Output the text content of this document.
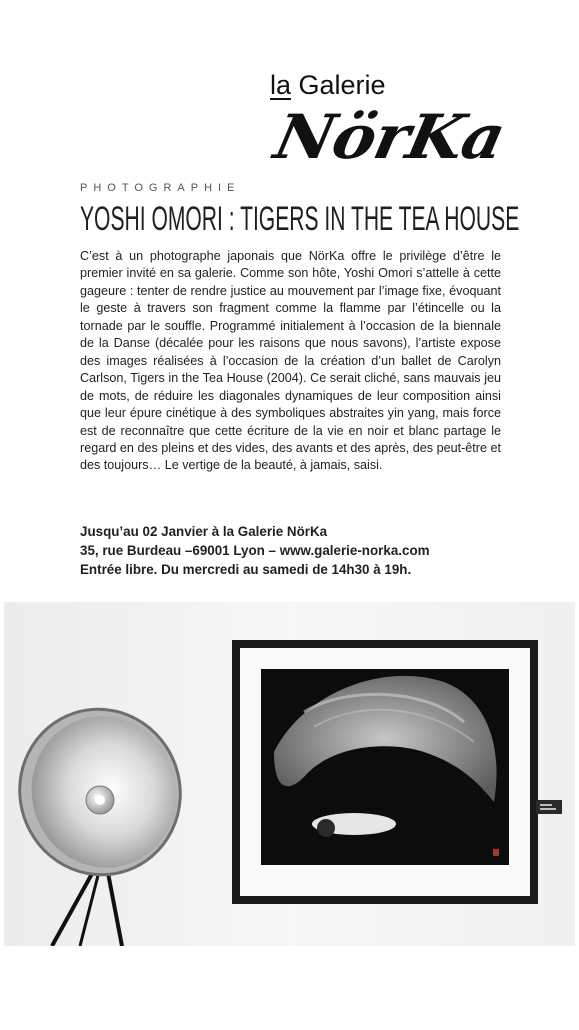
la Galerie
NörKa
PHOTOGRAPHIE
YOSHI OMORI : TIGERS IN THE TEA HOUSE
C’est à un photographe japonais que NörKa offre le privilège d’être le premier invité en sa galerie. Comme son hôte, Yoshi Omori s’attelle à cette gageure : tenter de rendre justice au mouvement par l’image fixe, évoquant le geste à travers son fragment comme la flamme par l’étincelle ou la tornade par le souffle. Programmé initialement à l’occasion de la biennale de la Danse (décalée pour les raisons que nous savons), l’artiste expose des images réalisées à l’occasion de la création d’un ballet de Carolyn Carlson, Tigers in the Tea House (2004). Ce serait cliché, sans mauvais jeu de mots, de réduire les diagonales dynamiques de leur composition ainsi que leur épure cinétique à des symboliques abstraites yin yang, mais force est de reconnaître que cette écriture de la vie en noir et blanc partage le regard en des pleins et des vides, des avants et des après, des peut-être et des toujours… Le vertige de la beauté, à jamais, saisi.
Jusqu’au 02 Janvier à la Galerie NörKa
35, rue Burdeau –69001 Lyon – www.galerie-norka.com
Entrée libre. Du mercredi au samedi de 14h30 à 19h.
